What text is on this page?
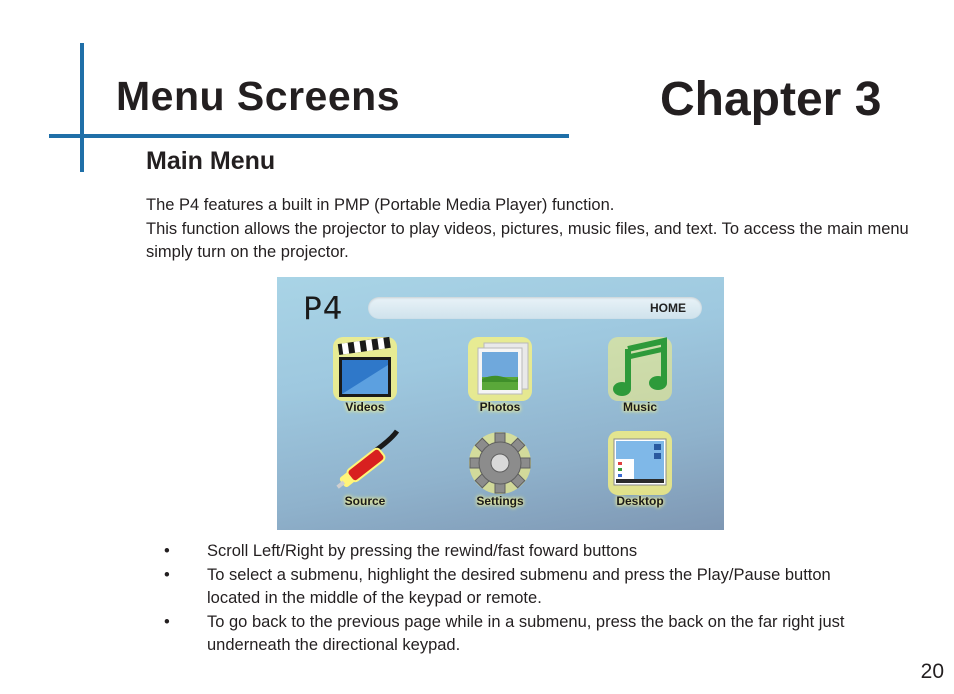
Menu Screens	Chapter 3
Main Menu

The P4 features a built in PMP (Portable Media Player) function.

This function allows the projector to play videos, pictures, music files, and text. To access the main menu simply turn on the projector.

P4	HOME
Videos	Photos	Music
Source	Settings	Desktop
• Scroll Left/Right by pressing the rewind/fast foward buttons
• To select a submenu, highlight the desired submenu and press the Play/Pause button located in the middle of the keypad or remote.
• To go back to the previous page while in a submenu, press the back on the far right just underneath the directional keypad.
20
